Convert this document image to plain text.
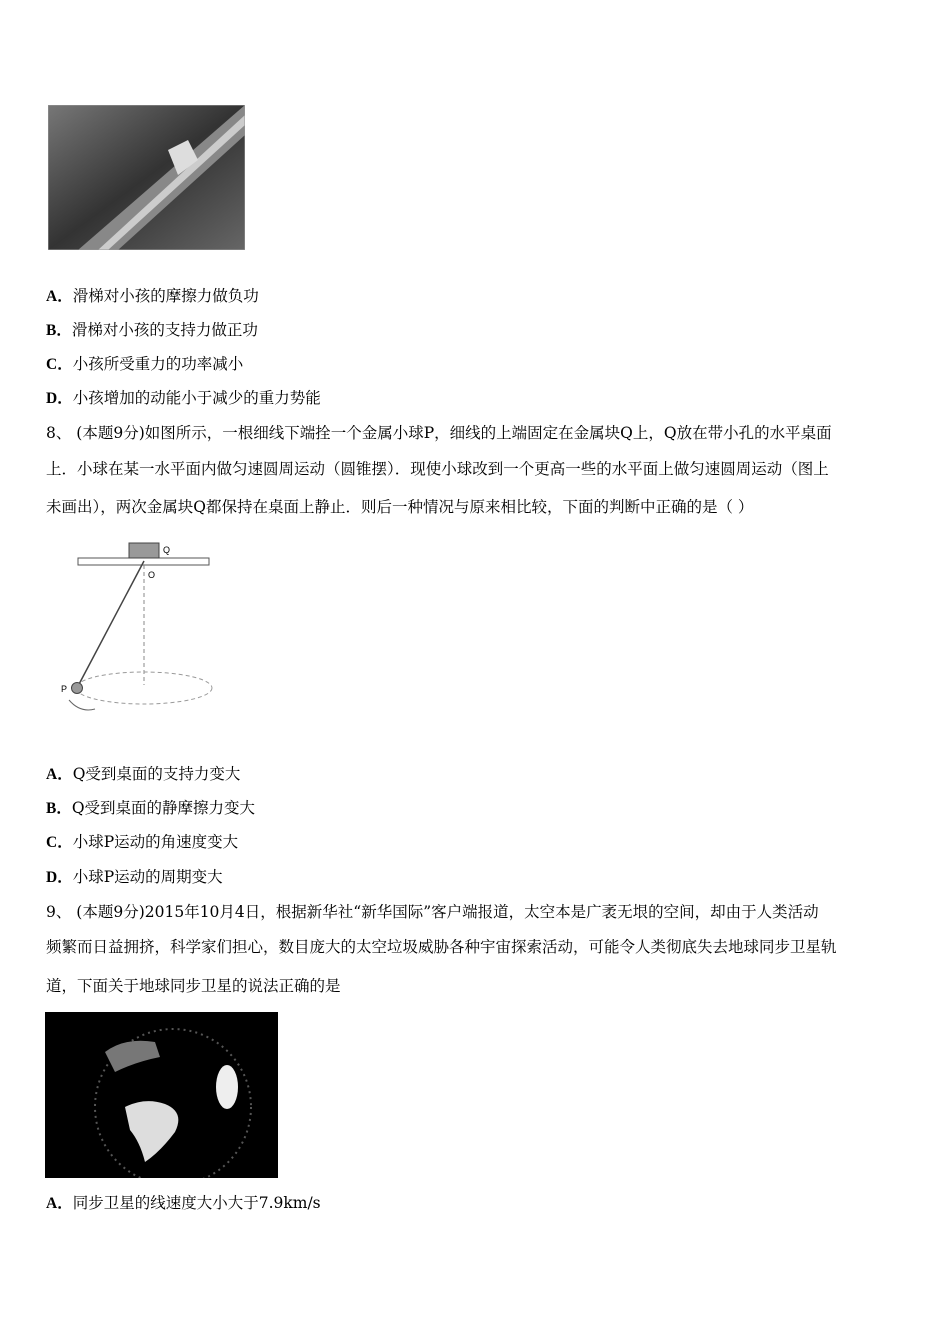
A．滑梯对小孩的摩擦力做负功
B．滑梯对小孩的支持力做正功
C．小孩所受重力的功率减小
D．小孩增加的动能小于减少的重力势能
8、 (本题9分)如图所示，一根细线下端拴一个金属小球P，细线的上端固定在金属块Q上，Q放在带小孔的水平桌面
上．小球在某一水平面内做匀速圆周运动（圆锥摆）．现使小球改到一个更高一些的水平面上做匀速圆周运动（图上
未画出），两次金属块Q都保持在桌面上静止．则后一种情况与原来相比较，下面的判断中正确的是（ ）
Q
O
P
A．Q受到桌面的支持力变大
B．Q受到桌面的静摩擦力变大
C．小球P运动的角速度变大
D．小球P运动的周期变大
9、 (本题9分)2015年10月4日，根据新华社“新华国际”客户端报道，太空本是广袤无垠的空间，却由于人类活动
频繁而日益拥挤，科学家们担心，数目庞大的太空垃圾威胁各种宇宙探索活动，可能令人类彻底失去地球同步卫星轨
道，下面关于地球同步卫星的说法正确的是
A．同步卫星的线速度大小大于7.9km/s
